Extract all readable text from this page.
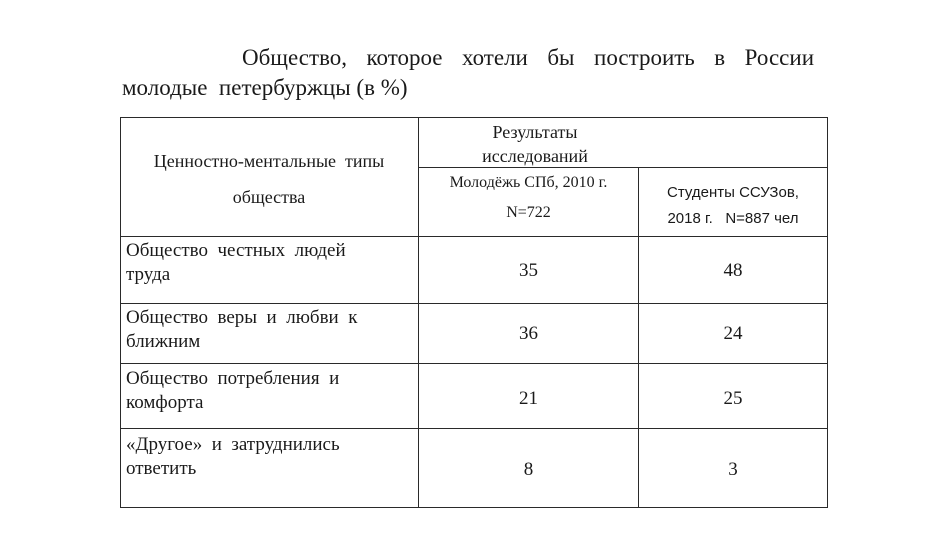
Общество, которое хотели бы построить в России
молодые  петербуржцы (в %)
Ценностно-ментальные  типы
общества
Результаты
исследований
Молодёжь СПб, 2010 г.
N=722
Студенты ССУЗов,
2018 г.   N=887 чел
Общество  честных  людей
труда	35	48
Общество  веры  и  любви  к
ближним	36	24
Общество  потребления  и
комфорта	21	25
«Другое»  и  затруднились
ответить	8	3
